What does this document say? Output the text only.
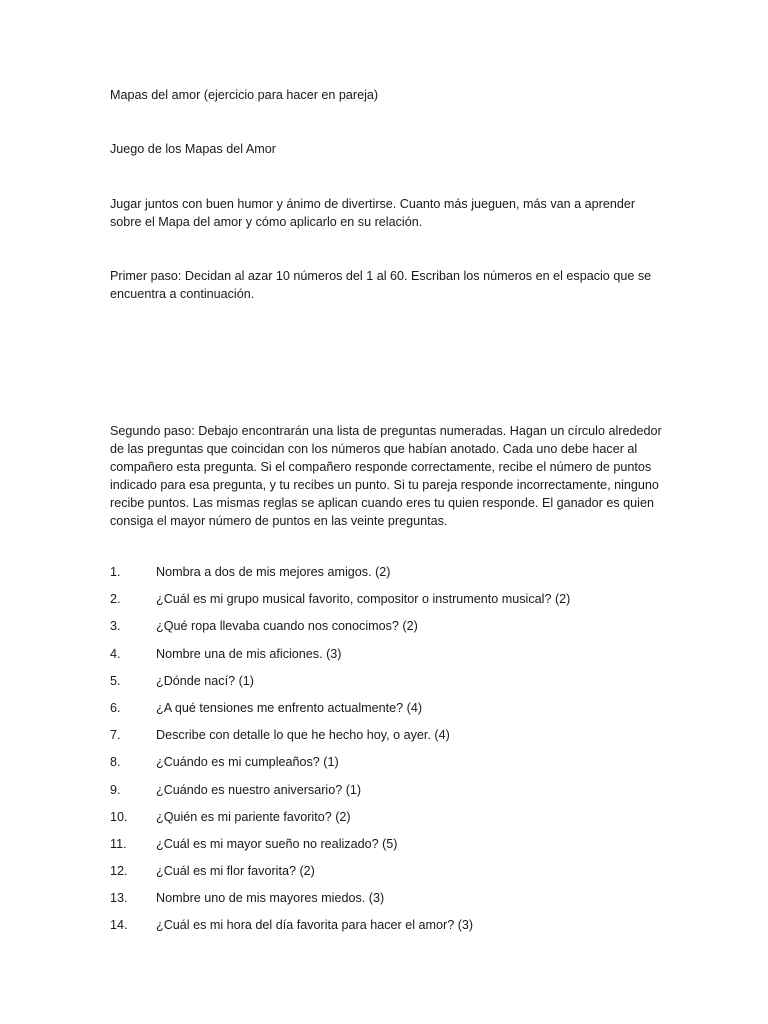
Mapas del amor (ejercicio para hacer en pareja)

Juego de los Mapas del Amor

Jugar juntos con buen humor y ánimo de divertirse. Cuanto más jueguen, más van a aprender sobre el Mapa del amor y cómo aplicarlo en su relación.

Primer paso: Decidan al azar 10 números del 1 al 60. Escriban los números en el espacio que se encuentra a continuación.

Segundo paso: Debajo encontrarán una lista de preguntas numeradas. Hagan un círculo alrededor de las preguntas que coincidan con los números que habían anotado. Cada uno debe hacer al compañero esta pregunta. Si el compañero responde correctamente, recibe el número de puntos indicado para esa pregunta, y tu recibes un punto. Si tu pareja responde incorrectamente, ninguno recibe puntos. Las mismas reglas se aplican cuando eres tu quien responde. El ganador es quien consiga el mayor número de puntos en las veinte preguntas.

1.	Nombra a dos de mis mejores amigos. (2)
2.	¿Cuál es mi grupo musical favorito, compositor o instrumento musical? (2)
3.	¿Qué ropa llevaba cuando nos conocimos? (2)
4.	Nombre una de mis aficiones. (3)
5.	¿Dónde nací? (1)
6.	¿A qué tensiones me enfrento actualmente? (4)
7.	Describe con detalle lo que he hecho hoy, o ayer. (4)
8.	¿Cuándo es mi cumpleaños? (1)
9.	¿Cuándo es nuestro aniversario? (1)
10.	¿Quién es mi pariente favorito? (2)
11.	¿Cuál es mi mayor sueño no realizado? (5)
12.	¿Cuál es mi flor favorita? (2)
13.	Nombre uno de mis mayores miedos. (3)
14.	¿Cuál es mi hora del día favorita para hacer el amor? (3)
